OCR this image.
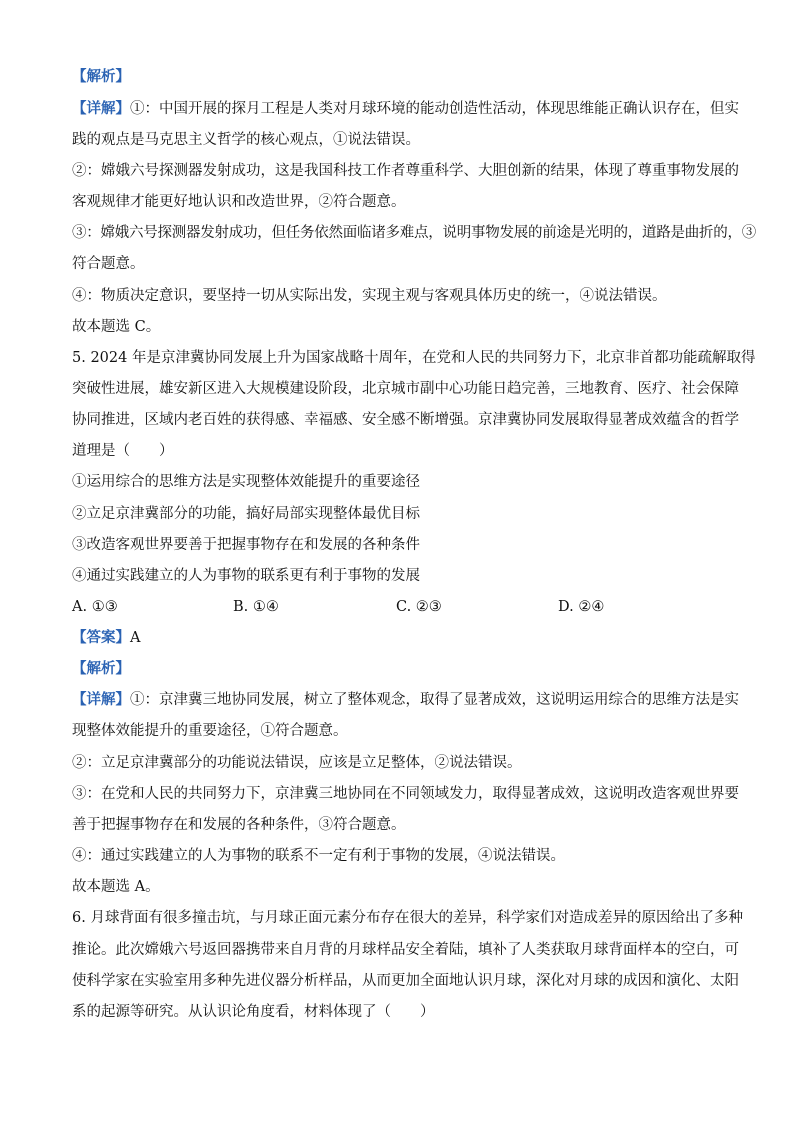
【解析】
【详解】①：中国开展的探月工程是人类对月球环境的能动创造性活动，体现思维能正确认识存在，但实
践的观点是马克思主义哲学的核心观点，①说法错误。
②：嫦娥六号探测器发射成功，这是我国科技工作者尊重科学、大胆创新的结果，体现了尊重事物发展的
客观规律才能更好地认识和改造世界，②符合题意。
③：嫦娥六号探测器发射成功，但任务依然面临诸多难点，说明事物发展的前途是光明的，道路是曲折的，③
符合题意。
④：物质决定意识，要坚持一切从实际出发，实现主观与客观具体历史的统一，④说法错误。
故本题选 C。
5. 2024 年是京津冀协同发展上升为国家战略十周年，在党和人民的共同努力下，北京非首都功能疏解取得
突破性进展，雄安新区进入大规模建设阶段，北京城市副中心功能日趋完善，三地教育、医疗、社会保障
协同推进，区域内老百姓的获得感、幸福感、安全感不断增强。京津冀协同发展取得显著成效蕴含的哲学
道理是（　　）
①运用综合的思维方法是实现整体效能提升的重要途径
②立足京津冀部分的功能，搞好局部实现整体最优目标
③改造客观世界要善于把握事物存在和发展的各种条件
④通过实践建立的人为事物的联系更有利于事物的发展
A. ①③	B. ①④	C. ②③	D. ②④
【答案】A
【解析】
【详解】①：京津冀三地协同发展，树立了整体观念，取得了显著成效，这说明运用综合的思维方法是实
现整体效能提升的重要途径，①符合题意。
②：立足京津冀部分的功能说法错误，应该是立足整体，②说法错误。
③：在党和人民的共同努力下，京津冀三地协同在不同领域发力，取得显著成效，这说明改造客观世界要
善于把握事物存在和发展的各种条件，③符合题意。
④：通过实践建立的人为事物的联系不一定有利于事物的发展，④说法错误。
故本题选 A。
6. 月球背面有很多撞击坑，与月球正面元素分布存在很大的差异，科学家们对造成差异的原因给出了多种
推论。此次嫦娥六号返回器携带来自月背的月球样品安全着陆，填补了人类获取月球背面样本的空白，可
使科学家在实验室用多种先进仪器分析样品，从而更加全面地认识月球，深化对月球的成因和演化、太阳
系的起源等研究。从认识论角度看，材料体现了（　　）
